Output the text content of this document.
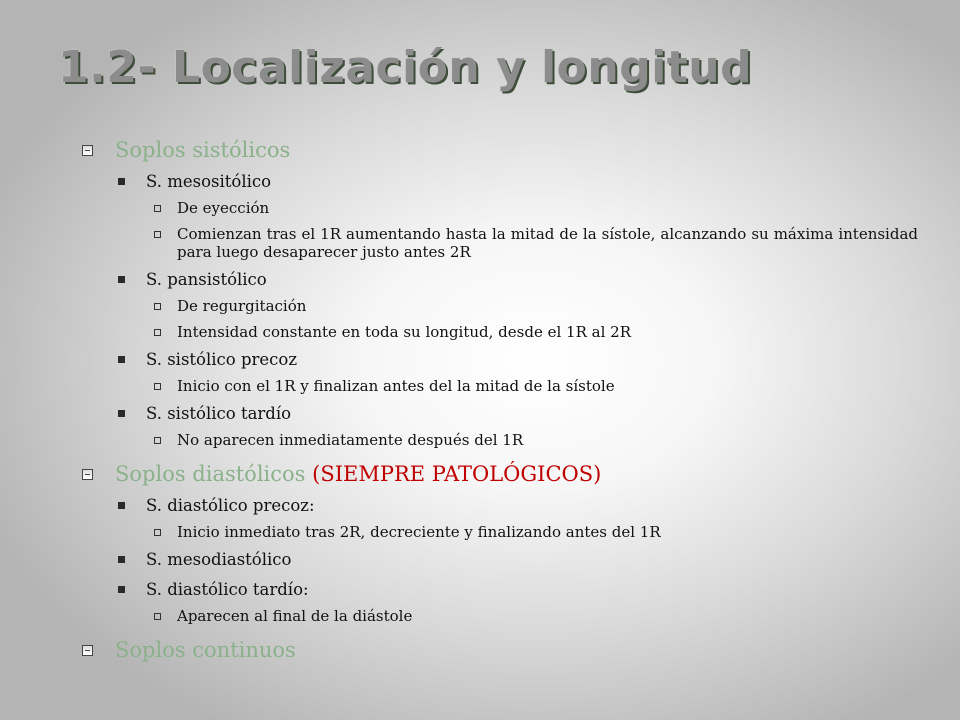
1.2- Localización y longitud
Soplos sistólicos
S. mesositólico
De eyección
Comienzan tras el 1R aumentando hasta la mitad de la sístole, alcanzando su máxima intensidad para luego desaparecer justo antes 2R
S. pansistólico
De regurgitación
Intensidad constante en toda su longitud, desde el 1R al 2R
S. sistólico precoz
Inicio con el 1R y finalizan antes del la mitad de la sístole
S. sistólico tardío
No aparecen inmediatamente después del 1R
Soplos diastólicos (SIEMPRE PATOLÓGICOS)
S. diastólico precoz:
Inicio inmediato tras 2R, decreciente y finalizando antes del 1R
S. mesodiastólico
S. diastólico tardío:
Aparecen al final de la diástole
Soplos continuos
